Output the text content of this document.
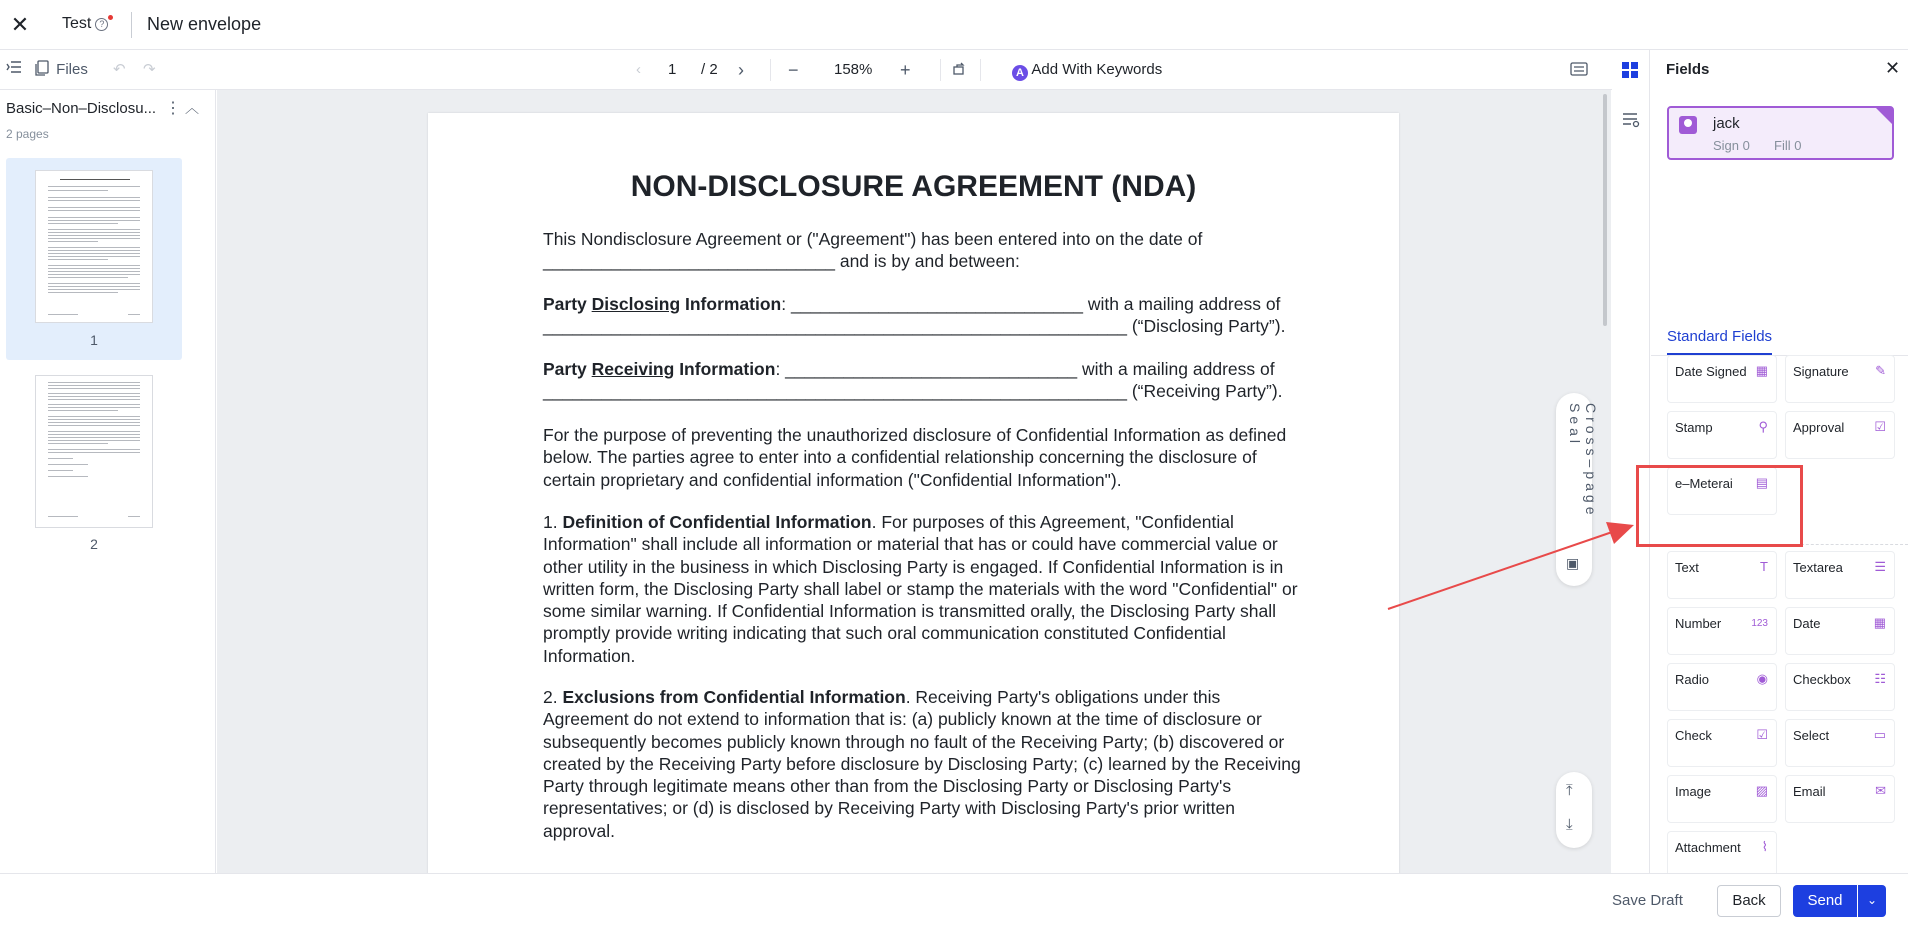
✕ Test ?	New envelope
Files ↶ ↷	‹ 1 / 2 › − 158% +	A Add With Keywords
Basic–Non–Disclosu... ⋮ ︿
2 pages
1
2
NON-DISCLOSURE AGREEMENT (NDA)
This Nondisclosure Agreement or ("Agreement") has been entered into on the date of
______________________________ and is by and between:
Party Disclosing Information: ______________________________ with a mailing address of
____________________________________________________________ (“Disclosing Party”).
Party Receiving Information: ______________________________ with a mailing address of
____________________________________________________________ (“Receiving Party”).
For the purpose of preventing the unauthorized disclosure of Confidential Information as defined below. The parties agree to enter into a confidential relationship concerning the disclosure of certain proprietary and confidential information ("Confidential Information").
1. Definition of Confidential Information. For purposes of this Agreement, "Confidential Information" shall include all information or material that has or could have commercial value or other utility in the business in which Disclosing Party is engaged. If Confidential Information is in written form, the Disclosing Party shall label or stamp the materials with the word "Confidential" or some similar warning. If Confidential Information is transmitted orally, the Disclosing Party shall promptly provide writing indicating that such oral communication constituted Confidential Information.
2. Exclusions from Confidential Information. Receiving Party's obligations under this Agreement do not extend to information that is: (a) publicly known at the time of disclosure or subsequently becomes publicly known through no fault of the Receiving Party; (b) discovered or created by the Receiving Party before disclosure by Disclosing Party; (c) learned by the Receiving Party through legitimate means other than from the Disclosing Party or Disclosing Party's representatives; or (d) is disclosed by Receiving Party with Disclosing Party's prior written approval.
Cross–page Seal
▣
⤒
⤓
Fields	✕
jack
Sign 0 Fill 0
Standard Fields
Date Signed ▦ Signature	✎
Stamp	⚲ Approval	☑
e–Meterai	▤
Text	T Textarea	☰
Number	123 Date	▦
Radio	◉ Checkbox	☷
Check	☑ Select	▭
Image	▨ Email	✉
Attachment	⌇
Save Draft	Back	Send	⌄
